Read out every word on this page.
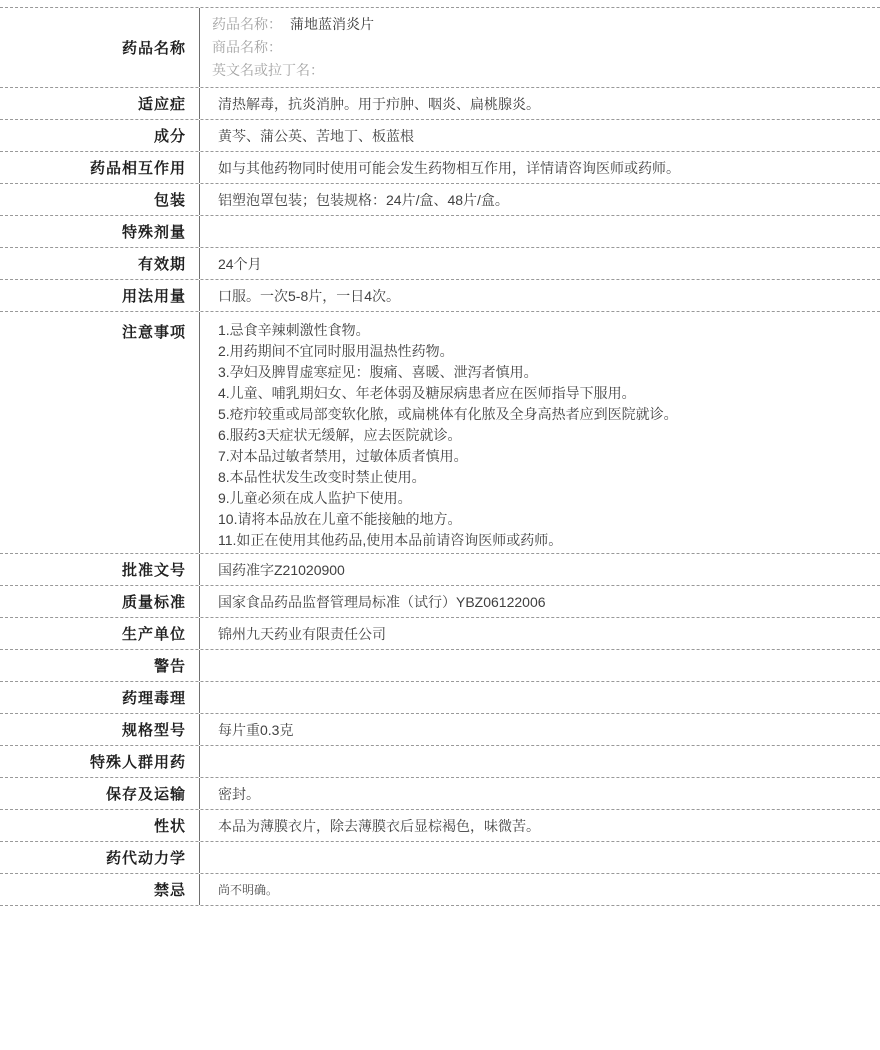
药品名称
药品名称： 蒲地蓝消炎片
商品名称：
英文名或拉丁名：
适应症	清热解毒，抗炎消肿。用于疖肿、咽炎、扁桃腺炎。
成分	黄芩、蒲公英、苦地丁、板蓝根
药品相互作用	如与其他药物同时使用可能会发生药物相互作用，详情请咨询医师或药师。
包装	铝塑泡罩包装；包装规格：24片/盒、48片/盒。
特殊剂量
有效期	24个月
用法用量	口服。一次5-8片，一日4次。
注意事项	1.忌食辛辣刺激性食物。
2.用药期间不宜同时服用温热性药物。
3.孕妇及脾胃虚寒症见：腹痛、喜暖、泄泻者慎用。
4.儿童、哺乳期妇女、年老体弱及糖尿病患者应在医师指导下服用。
5.疮疖较重或局部变软化脓，或扁桃体有化脓及全身高热者应到医院就诊。
6.服药3天症状无缓解，应去医院就诊。
7.对本品过敏者禁用，过敏体质者慎用。
8.本品性状发生改变时禁止使用。
9.儿童必须在成人监护下使用。
10.请将本品放在儿童不能接触的地方。
11.如正在使用其他药品,使用本品前请咨询医师或药师。
批准文号	国药准字Z21020900
质量标准	国家食品药品监督管理局标准（试行）YBZ06122006
生产单位	锦州九天药业有限责任公司
警告
药理毒理
规格型号	每片重0.3克
特殊人群用药
保存及运输	密封。
性状	本品为薄膜衣片，除去薄膜衣后显棕褐色，味微苦。
药代动力学
禁忌	尚不明确。
